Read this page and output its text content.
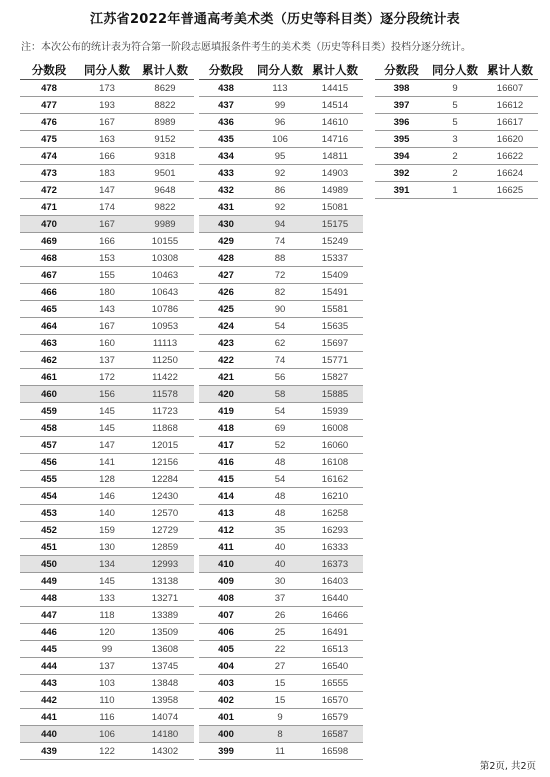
江苏省2022年普通高考美术类（历史等科目类）逐分段统计表
注：本次公布的统计表为符合第一阶段志愿填报条件考生的美术类（历史等科目类）投档分逐分统计。
分数段	同分人数	累计人数
478	173	8629
477	193	8822
476	167	8989
475	163	9152
474	166	9318
473	183	9501
472	147	9648
471	174	9822
470	167	9989
469	166	10155
468	153	10308
467	155	10463
466	180	10643
465	143	10786
464	167	10953
463	160	11113
462	137	11250
461	172	11422
460	156	11578
459	145	11723
458	145	11868
457	147	12015
456	141	12156
455	128	12284
454	146	12430
453	140	12570
452	159	12729
451	130	12859
450	134	12993
449	145	13138
448	133	13271
447	118	13389
446	120	13509
445	99	13608
444	137	13745
443	103	13848
442	110	13958
441	116	14074
440	106	14180
439	122	14302
分数段	同分人数	累计人数
438	113	14415
437	99	14514
436	96	14610
435	106	14716
434	95	14811
433	92	14903
432	86	14989
431	92	15081
430	94	15175
429	74	15249
428	88	15337
427	72	15409
426	82	15491
425	90	15581
424	54	15635
423	62	15697
422	74	15771
421	56	15827
420	58	15885
419	54	15939
418	69	16008
417	52	16060
416	48	16108
415	54	16162
414	48	16210
413	48	16258
412	35	16293
411	40	16333
410	40	16373
409	30	16403
408	37	16440
407	26	16466
406	25	16491
405	22	16513
404	27	16540
403	15	16555
402	15	16570
401	9	16579
400	8	16587
399	11	16598
分数段	同分人数	累计人数
398	9	16607
397	5	16612
396	5	16617
395	3	16620
394	2	16622
392	2	16624
391	1	16625
第2页, 共2页
